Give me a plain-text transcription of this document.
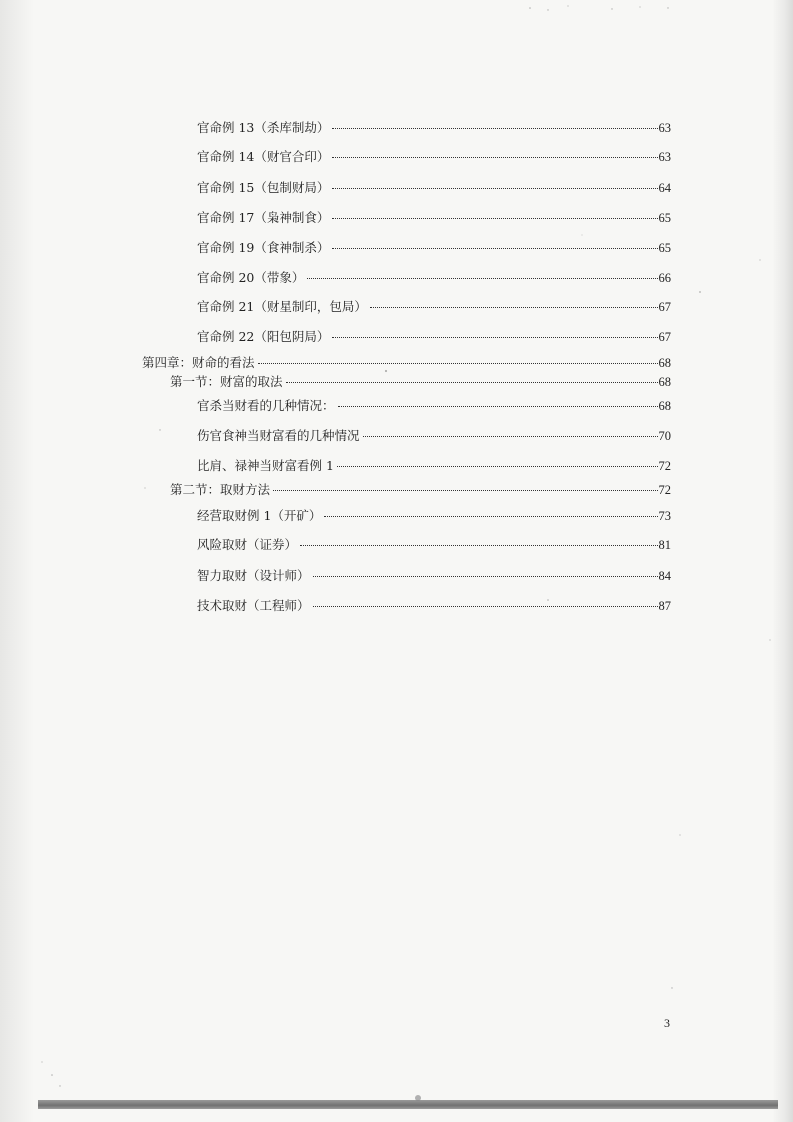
官命例 13（杀库制劫）	63
官命例 14（财官合印）	63
官命例 15（包制财局）	64
官命例 17（枭神制食）	65
官命例 19（食神制杀）	65
官命例 20（带象）	66
官命例 21（财星制印，包局）	67
官命例 22（阳包阴局）	67
第四章：财命的看法	68
第一节：财富的取法	68
官杀当财看的几种情况：	68
伤官食神当财富看的几种情况	70
比肩、禄神当财富看例 1	72
第二节：取财方法	72
经营取财例 1（开矿）	73
风险取财（证券）	81
智力取财（设计师）	84
技术取财（工程师）	87
3
